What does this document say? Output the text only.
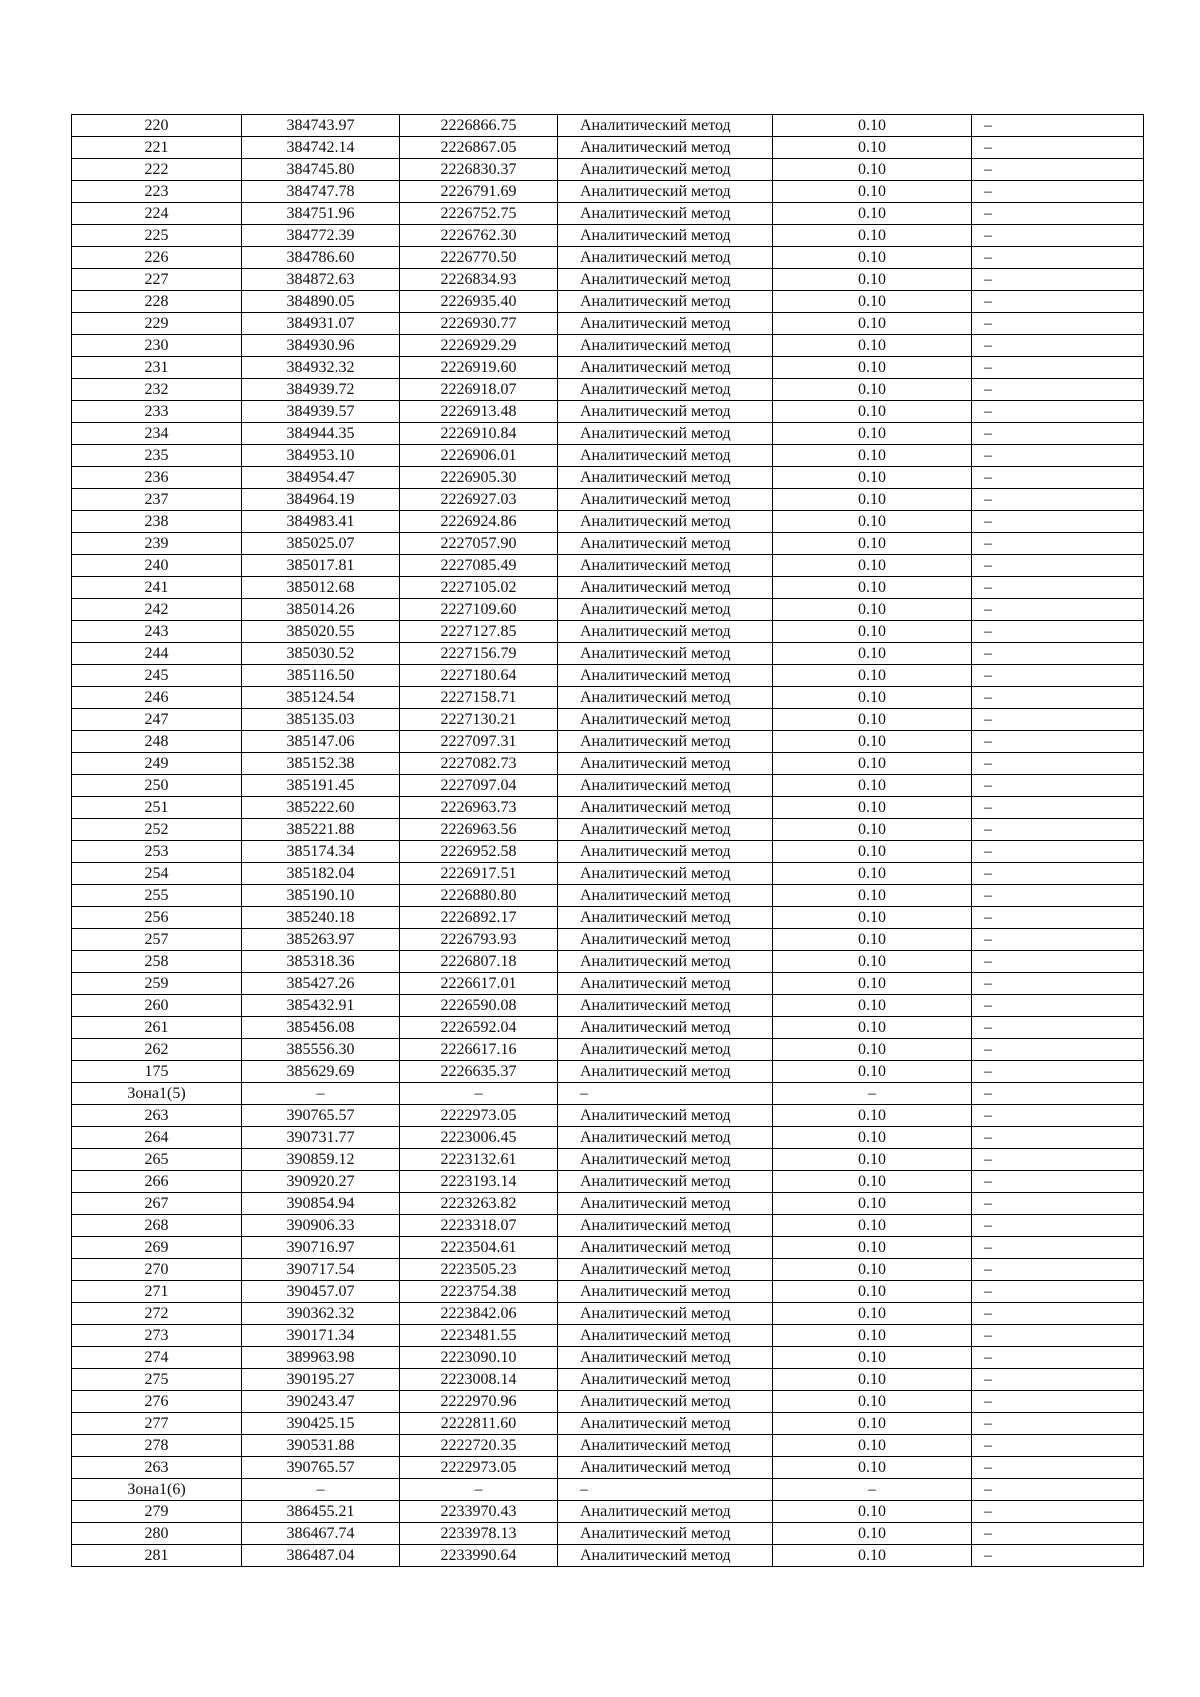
220	384743.97	2226866.75	Аналитический метод	0.10	–
221	384742.14	2226867.05	Аналитический метод	0.10	–
222	384745.80	2226830.37	Аналитический метод	0.10	–
223	384747.78	2226791.69	Аналитический метод	0.10	–
224	384751.96	2226752.75	Аналитический метод	0.10	–
225	384772.39	2226762.30	Аналитический метод	0.10	–
226	384786.60	2226770.50	Аналитический метод	0.10	–
227	384872.63	2226834.93	Аналитический метод	0.10	–
228	384890.05	2226935.40	Аналитический метод	0.10	–
229	384931.07	2226930.77	Аналитический метод	0.10	–
230	384930.96	2226929.29	Аналитический метод	0.10	–
231	384932.32	2226919.60	Аналитический метод	0.10	–
232	384939.72	2226918.07	Аналитический метод	0.10	–
233	384939.57	2226913.48	Аналитический метод	0.10	–
234	384944.35	2226910.84	Аналитический метод	0.10	–
235	384953.10	2226906.01	Аналитический метод	0.10	–
236	384954.47	2226905.30	Аналитический метод	0.10	–
237	384964.19	2226927.03	Аналитический метод	0.10	–
238	384983.41	2226924.86	Аналитический метод	0.10	–
239	385025.07	2227057.90	Аналитический метод	0.10	–
240	385017.81	2227085.49	Аналитический метод	0.10	–
241	385012.68	2227105.02	Аналитический метод	0.10	–
242	385014.26	2227109.60	Аналитический метод	0.10	–
243	385020.55	2227127.85	Аналитический метод	0.10	–
244	385030.52	2227156.79	Аналитический метод	0.10	–
245	385116.50	2227180.64	Аналитический метод	0.10	–
246	385124.54	2227158.71	Аналитический метод	0.10	–
247	385135.03	2227130.21	Аналитический метод	0.10	–
248	385147.06	2227097.31	Аналитический метод	0.10	–
249	385152.38	2227082.73	Аналитический метод	0.10	–
250	385191.45	2227097.04	Аналитический метод	0.10	–
251	385222.60	2226963.73	Аналитический метод	0.10	–
252	385221.88	2226963.56	Аналитический метод	0.10	–
253	385174.34	2226952.58	Аналитический метод	0.10	–
254	385182.04	2226917.51	Аналитический метод	0.10	–
255	385190.10	2226880.80	Аналитический метод	0.10	–
256	385240.18	2226892.17	Аналитический метод	0.10	–
257	385263.97	2226793.93	Аналитический метод	0.10	–
258	385318.36	2226807.18	Аналитический метод	0.10	–
259	385427.26	2226617.01	Аналитический метод	0.10	–
260	385432.91	2226590.08	Аналитический метод	0.10	–
261	385456.08	2226592.04	Аналитический метод	0.10	–
262	385556.30	2226617.16	Аналитический метод	0.10	–
175	385629.69	2226635.37	Аналитический метод	0.10	–
Зона1(5)	–	–	–	–	–
263	390765.57	2222973.05	Аналитический метод	0.10	–
264	390731.77	2223006.45	Аналитический метод	0.10	–
265	390859.12	2223132.61	Аналитический метод	0.10	–
266	390920.27	2223193.14	Аналитический метод	0.10	–
267	390854.94	2223263.82	Аналитический метод	0.10	–
268	390906.33	2223318.07	Аналитический метод	0.10	–
269	390716.97	2223504.61	Аналитический метод	0.10	–
270	390717.54	2223505.23	Аналитический метод	0.10	–
271	390457.07	2223754.38	Аналитический метод	0.10	–
272	390362.32	2223842.06	Аналитический метод	0.10	–
273	390171.34	2223481.55	Аналитический метод	0.10	–
274	389963.98	2223090.10	Аналитический метод	0.10	–
275	390195.27	2223008.14	Аналитический метод	0.10	–
276	390243.47	2222970.96	Аналитический метод	0.10	–
277	390425.15	2222811.60	Аналитический метод	0.10	–
278	390531.88	2222720.35	Аналитический метод	0.10	–
263	390765.57	2222973.05	Аналитический метод	0.10	–
Зона1(6)	–	–	–	–	–
279	386455.21	2233970.43	Аналитический метод	0.10	–
280	386467.74	2233978.13	Аналитический метод	0.10	–
281	386487.04	2233990.64	Аналитический метод	0.10	–
